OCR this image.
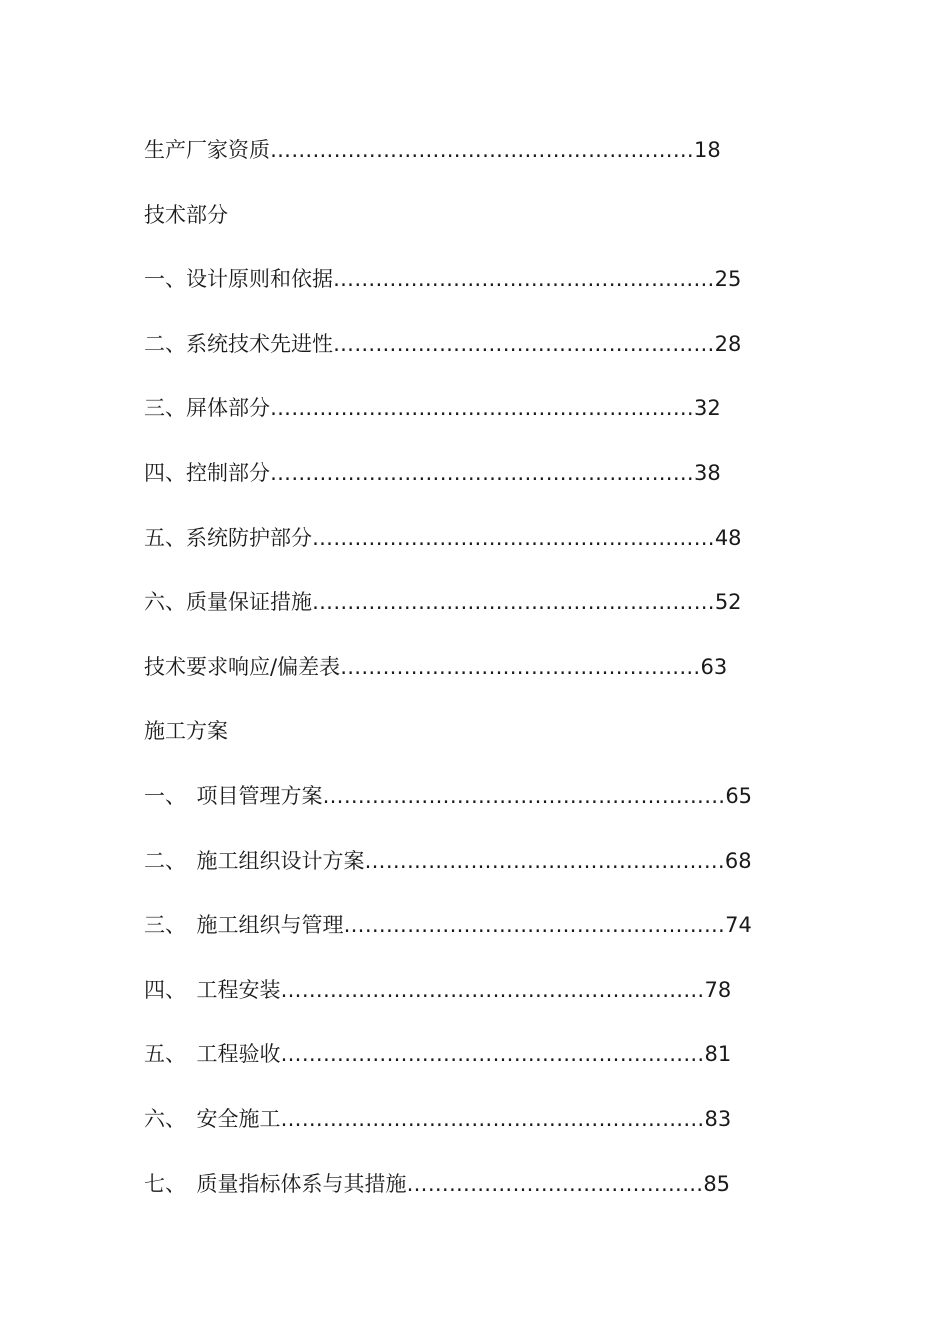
生产厂家资质……………………………………………………18
技术部分
一、设计原则和依据………………………………………………25
二、系统技术先进性………………………………………………28
三、屏体部分……………………………………………………32
四、控制部分……………………………………………………38
五、系统防护部分…………………………………………………48
六、质量保证措施…………………………………………………52
技术要求响应/偏差表……………………………………………63
施工方案
一、　项目管理方案…………………………………………………65
二、　施工组织设计方案……………………………………………68
三、　施工组织与管理………………………………………………74
四、　工程安装……………………………………………………78
五、　工程验收……………………………………………………81
六、　安全施工……………………………………………………83
七、　质量指标体系与其措施……………………………………85
